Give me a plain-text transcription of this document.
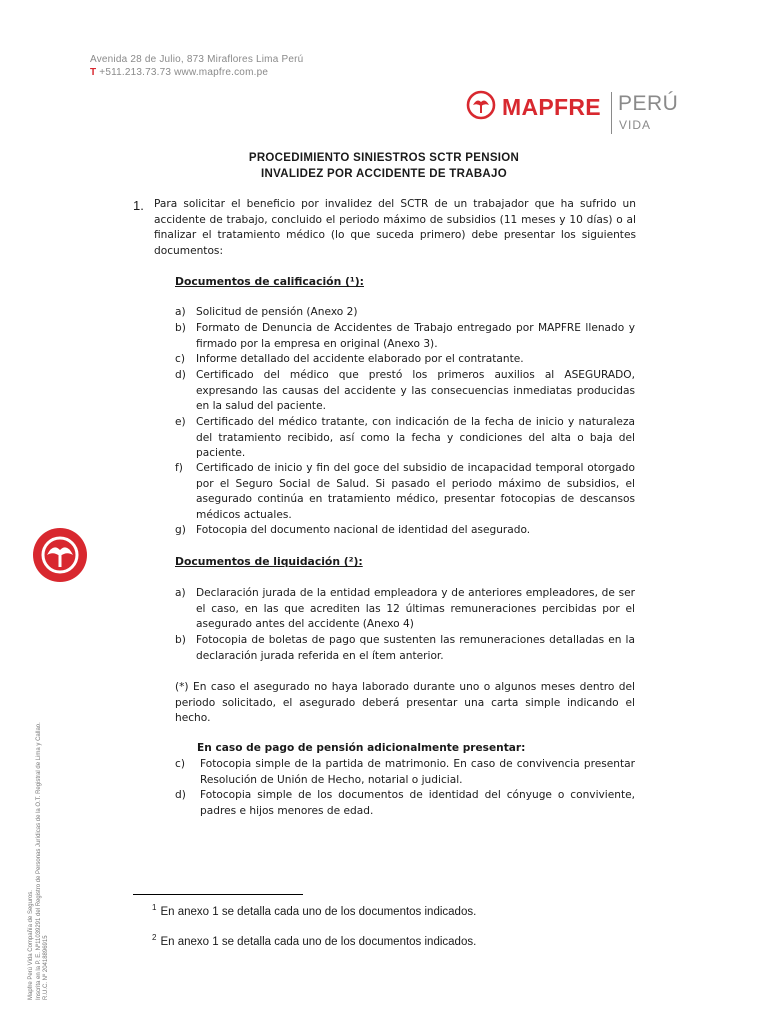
Avenida 28 de Julio, 873 Miraflores Lima Perú
T +511.213.73.73 www.mapfre.com.pe
MAPFRE PERÚ
VIDA
PROCEDIMIENTO SINIESTROS SCTR PENSION
INVALIDEZ POR ACCIDENTE DE TRABAJO
1. Para solicitar el beneficio por invalidez del SCTR de un trabajador que ha sufrido un accidente de trabajo, concluido el periodo máximo de subsidios (11 meses y 10 días) o al finalizar el tratamiento médico (lo que suceda primero) debe presentar los siguientes documentos:
Documentos de calificación (¹):
a) Solicitud de pensión (Anexo 2)
b) Formato de Denuncia de Accidentes de Trabajo entregado por MAPFRE llenado y firmado por la empresa en original (Anexo 3).
c)	Informe detallado del accidente elaborado por el contratante.
d) Certificado del médico que prestó los primeros auxilios al ASEGURADO, expresando las causas del accidente y las consecuencias inmediatas producidas en la salud del paciente.
e) Certificado del médico tratante, con indicación de la fecha de inicio y naturaleza del tratamiento recibido, así como la fecha y condiciones del alta o baja del paciente.
f)	Certificado de inicio y fin del goce del subsidio de incapacidad temporal otorgado por el Seguro Social de Salud. Si pasado el periodo máximo de subsidios, el asegurado continúa en tratamiento médico, presentar fotocopias de descansos médicos actuales.
g) Fotocopia del documento nacional de identidad del asegurado.
Documentos de liquidación (²):
a) Declaración jurada de la entidad empleadora y de anteriores empleadores, de ser el caso, en las que acrediten las 12 últimas remuneraciones percibidas por el asegurado antes del accidente (Anexo 4)
b) Fotocopia de boletas de pago que sustenten las remuneraciones detalladas en la declaración jurada referida en el ítem anterior.
(*) En caso el asegurado no haya laborado durante uno o algunos meses dentro del periodo solicitado, el asegurado deberá presentar una carta simple indicando el hecho.
En caso de pago de pensión adicionalmente presentar:
c)	Fotocopia simple de la partida de matrimonio. En caso de convivencia presentar Resolución de Unión de Hecho, notarial o judicial.
d)	Fotocopia simple de los documentos de identidad del cónyuge o conviviente, padres e hijos menores de edad.
$^1$ En anexo 1 se detalla cada uno de los documentos indicados.
$^2$ En anexo 1 se detalla cada uno de los documentos indicados.
Mapfre Perú Vida Compañía de Seguros. Inscrita en la P. E. Nº11039291 del Registro de Personas Jurídicas de la O.T. Registral de Lima y Callao. R.U.C. Nº 20418896915
